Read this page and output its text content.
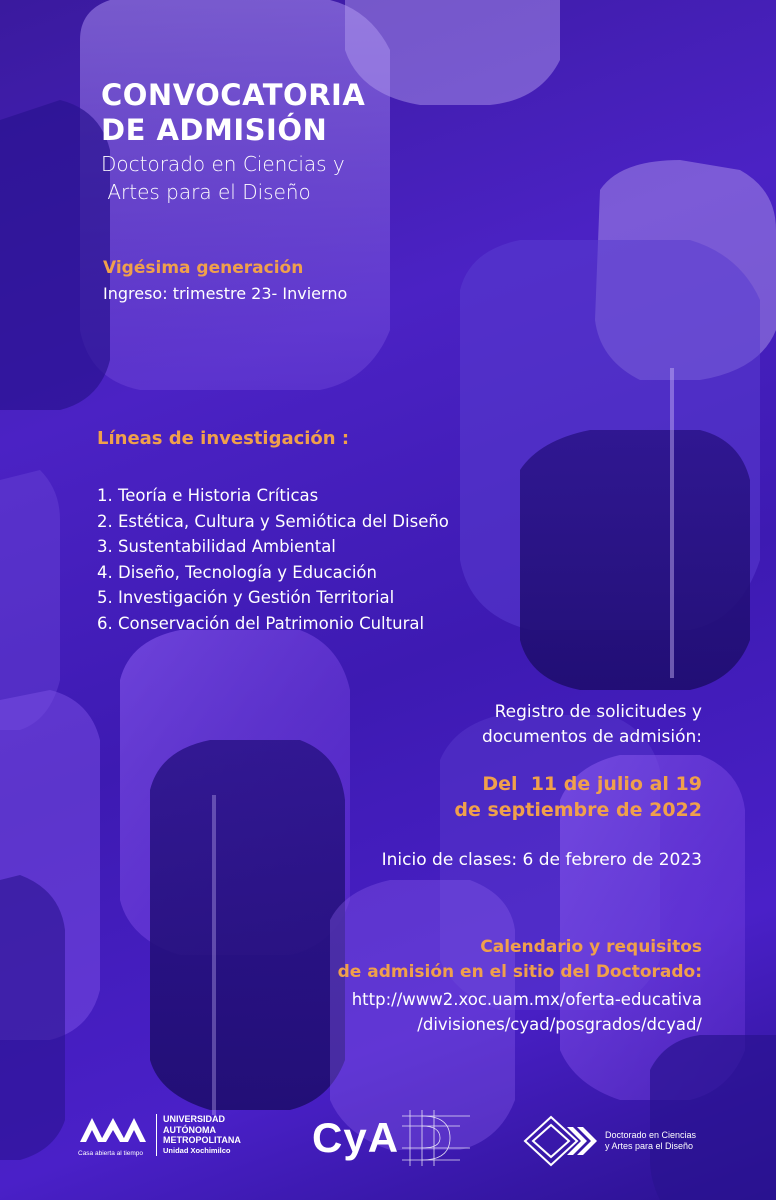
CONVOCATORIA
DE ADMISIÓN
Doctorado en Ciencias y
Artes para el Diseño
Vigésima generación
Ingreso: trimestre 23- Invierno
Líneas de investigación :
1. Teoría e Historia Críticas
2. Estética, Cultura y Semiótica del Diseño
3. Sustentabilidad Ambiental
4. Diseño, Tecnología y Educación
5. Investigación y Gestión Territorial
6. Conservación del Patrimonio Cultural
Registro de solicitudes y
documentos de admisión:
Del  11 de julio al 19
de septiembre de 2022
Inicio de clases: 6 de febrero de 2023
Calendario y requisitos
de admisión en el sitio del Doctorado:
http://www2.xoc.uam.mx/oferta-educativa
/divisiones/cyad/posgrados/dcyad/
Casa abierta al tiempo
UNIVERSIDAD
AUTÓNOMA
METROPOLITANA
Unidad Xochimilco CyA	Doctorado en Ciencias
y Artes para el Diseño
